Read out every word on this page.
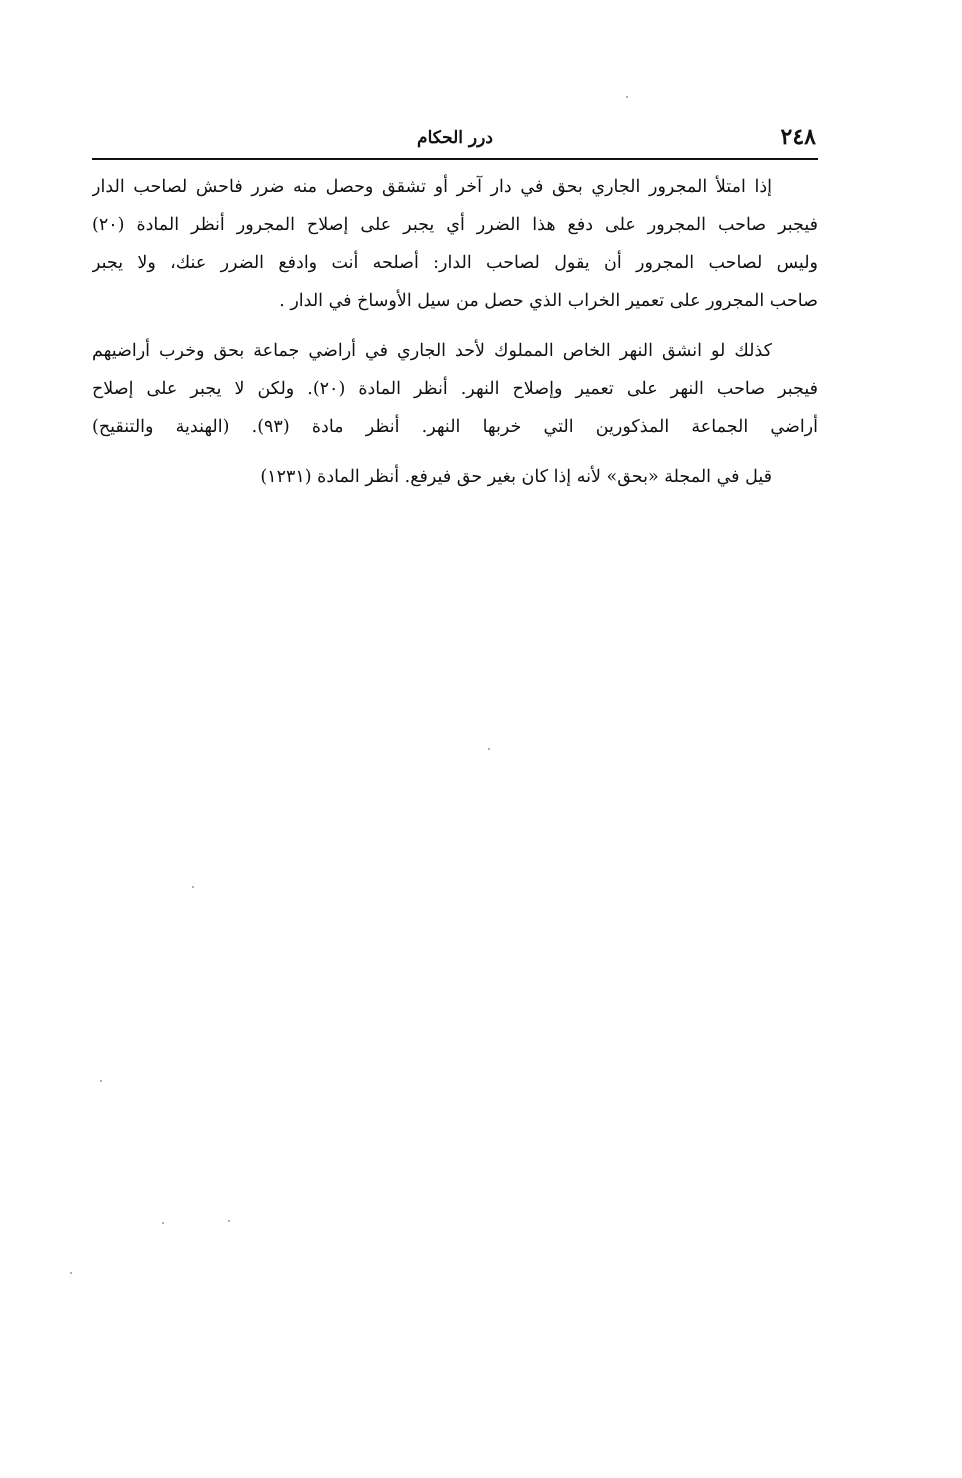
٢٤٨
درر الحكام
إذا امتلأ المجرور الجاري بحق في دار آخر أو تشقق وحصل منه ضرر فاحش لصاحب الدار
فيجبر صاحب المجرور على دفع هذا الضرر أي يجبر على إصلاح المجرور أنظر المادة (٢٠)
وليس لصاحب المجرور أن يقول لصاحب الدار: أصلحه أنت وادفع الضرر عنك، ولا يجبر
صاحب المجرور على تعمير الخراب الذي حصل من سيل الأوساخ في الدار .
كذلك لو انشق النهر الخاص المملوك لأحد الجاري في أراضي جماعة بحق وخرب أراضيهم
فيجبر صاحب النهر على تعمير وإصلاح النهر. أنظر المادة (٢٠). ولكن لا يجبر على إصلاح
أراضي الجماعة المذكورين التي خربها النهر. أنظر مادة (٩٣). (الهندية والتنقيح)
قيل في المجلة «بحق» لأنه إذا كان بغير حق فيرفع. أنظر المادة (١٢٣١)
